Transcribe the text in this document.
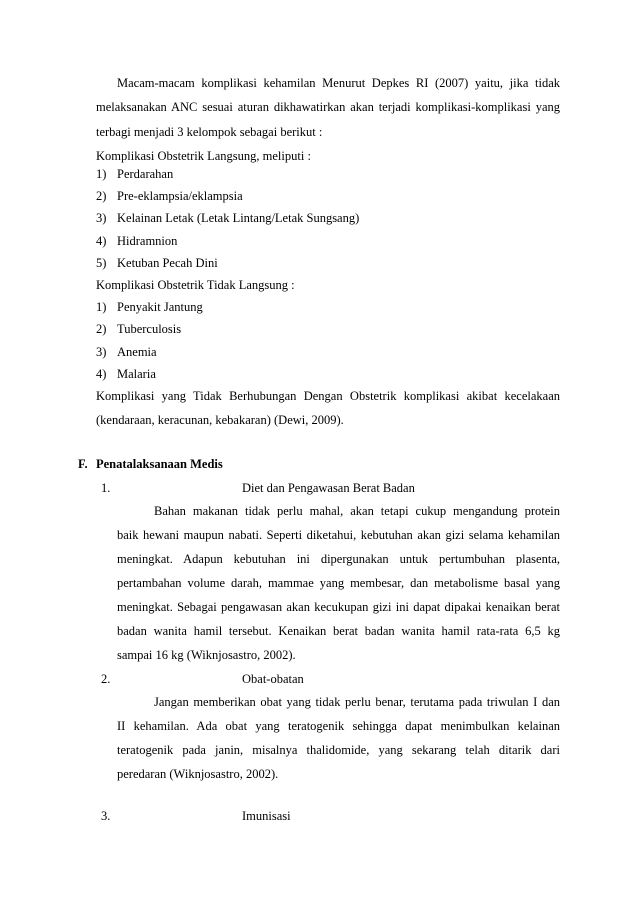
Macam-macam komplikasi kehamilan Menurut Depkes RI (2007) yaitu, jika tidak
melaksanakan ANC sesuai aturan dikhawatirkan akan terjadi komplikasi-komplikasi yang
terbagi menjadi 3 kelompok sebagai berikut :
Komplikasi Obstetrik Langsung, meliputi :
1) Perdarahan
2) Pre-eklampsia/eklampsia
3) Kelainan Letak (Letak Lintang/Letak Sungsang)
4) Hidramnion
5) Ketuban Pecah Dini
Komplikasi Obstetrik Tidak Langsung :
1) Penyakit Jantung
2) Tuberculosis
3) Anemia
4) Malaria
Komplikasi yang Tidak Berhubungan Dengan Obstetrik komplikasi akibat kecelakaan
(kendaraan, keracunan, kebakaran) (Dewi, 2009).
F. Penatalaksanaan Medis
1.	Diet dan Pengawasan Berat Badan
Bahan makanan tidak perlu mahal, akan tetapi cukup mengandung protein
baik hewani maupun nabati. Seperti diketahui, kebutuhan akan gizi selama kehamilan
meningkat. Adapun kebutuhan ini dipergunakan untuk pertumbuhan plasenta,
pertambahan volume darah, mammae yang membesar, dan metabolisme basal yang
meningkat. Sebagai pengawasan akan kecukupan gizi ini dapat dipakai kenaikan berat
badan wanita hamil tersebut. Kenaikan berat badan wanita hamil rata-rata 6,5 kg
sampai 16 kg (Wiknjosastro, 2002).
2.	Obat-obatan
Jangan memberikan obat yang tidak perlu benar, terutama pada triwulan I dan
II kehamilan. Ada obat yang teratogenik sehingga dapat menimbulkan kelainan
teratogenik pada janin, misalnya thalidomide, yang sekarang telah ditarik dari
peredaran (Wiknjosastro, 2002).
3.	Imunisasi
